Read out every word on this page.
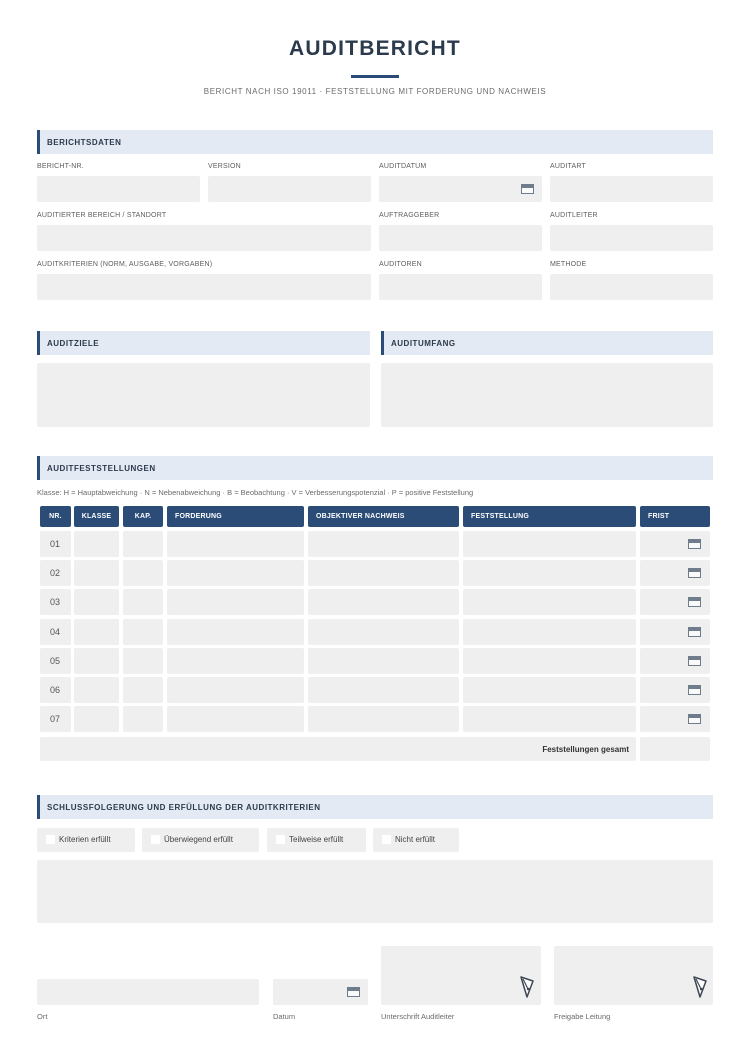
AUDITBERICHT
BERICHT NACH ISO 19011 · FESTSTELLUNG MIT FORDERUNG UND NACHWEIS
BERICHTSDATEN
BERICHT-NR.	VERSION	AUDITDATUM	AUDITART
AUDITIERTER BEREICH / STANDORT	AUFTRAGGEBER	AUDITLEITER
AUDITKRITERIEN (NORM, AUSGABE, VORGABEN)	AUDITOREN	METHODE
AUDITZIELE	AUDITUMFANG
AUDITFESTSTELLUNGEN
Klasse: H = Hauptabweichung · N = Nebenabweichung · B = Beobachtung · V = Verbesserungspotenzial · P = positive Feststellung
NR.	KLASSE	KAP.	FORDERUNG	OBJEKTIVER NACHWEIS	FESTSTELLUNG	FRIST
01
02
03
04
05
06
07
Feststellungen gesamt
SCHLUSSFOLGERUNG UND ERFÜLLUNG DER AUDITKRITERIEN
Kriterien erfüllt	Überwiegend erfüllt	Teilweise erfüllt	Nicht erfüllt
Ort	Datum	Unterschrift Auditleiter	Freigabe Leitung
